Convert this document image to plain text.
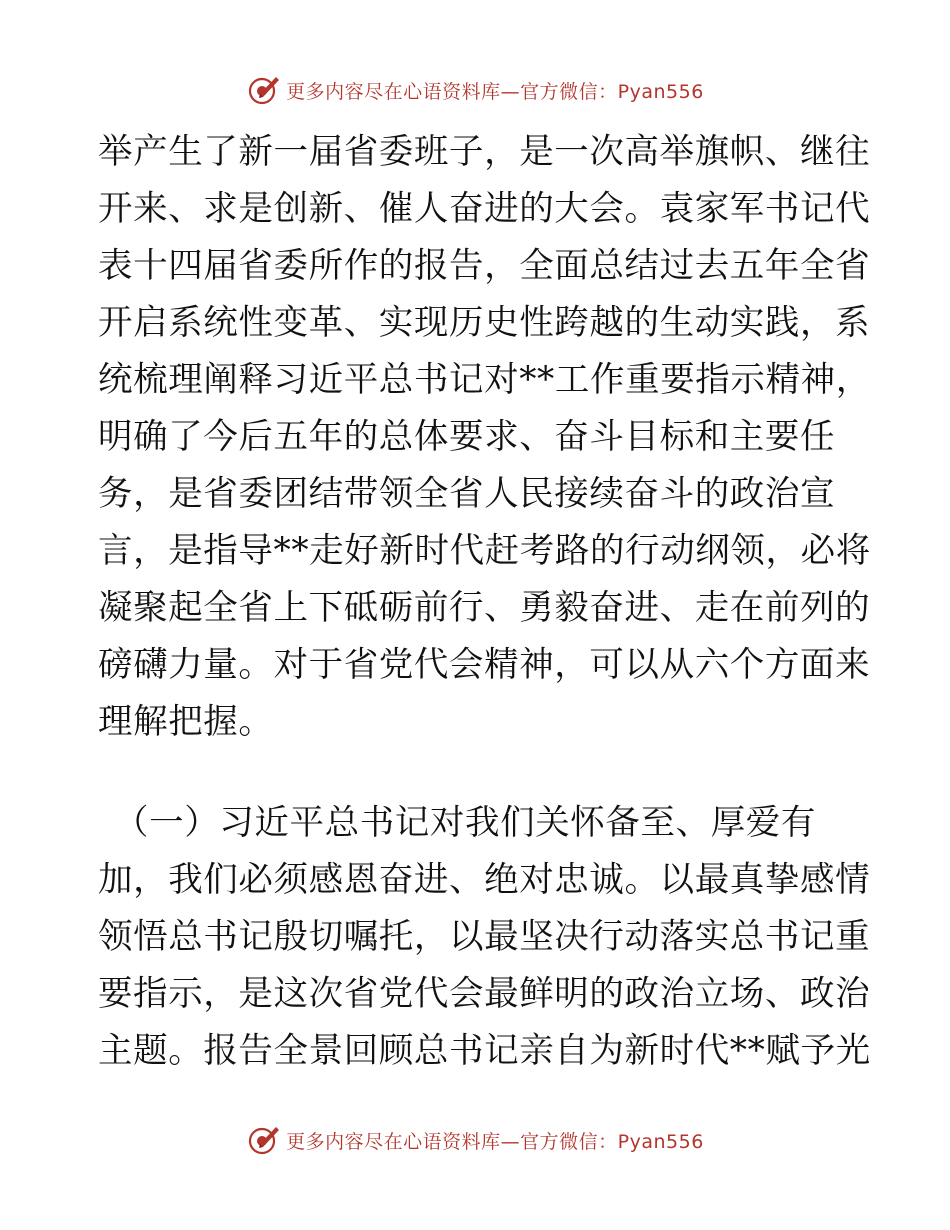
更多内容尽在心语资料库—官方微信：Pyan556
举产生了新一届省委班子，是一次高举旗帜、继往
开来、求是创新、催人奋进的大会。袁家军书记代
表十四届省委所作的报告，全面总结过去五年全省
开启系统性变革、实现历史性跨越的生动实践，系
统梳理阐释习近平总书记对**工作重要指示精神，
明确了今后五年的总体要求、奋斗目标和主要任
务，是省委团结带领全省人民接续奋斗的政治宣
言，是指导**走好新时代赶考路的行动纲领，必将
凝聚起全省上下砥砺前行、勇毅奋进、走在前列的
磅礴力量。对于省党代会精神，可以从六个方面来
理解把握。
（一）习近平总书记对我们关怀备至、厚爱有
加，我们必须感恩奋进、绝对忠诚。以最真挚感情
领悟总书记殷切嘱托，以最坚决行动落实总书记重
要指示，是这次省党代会最鲜明的政治立场、政治
主题。报告全景回顾总书记亲自为新时代**赋予光
更多内容尽在心语资料库—官方微信：Pyan556
